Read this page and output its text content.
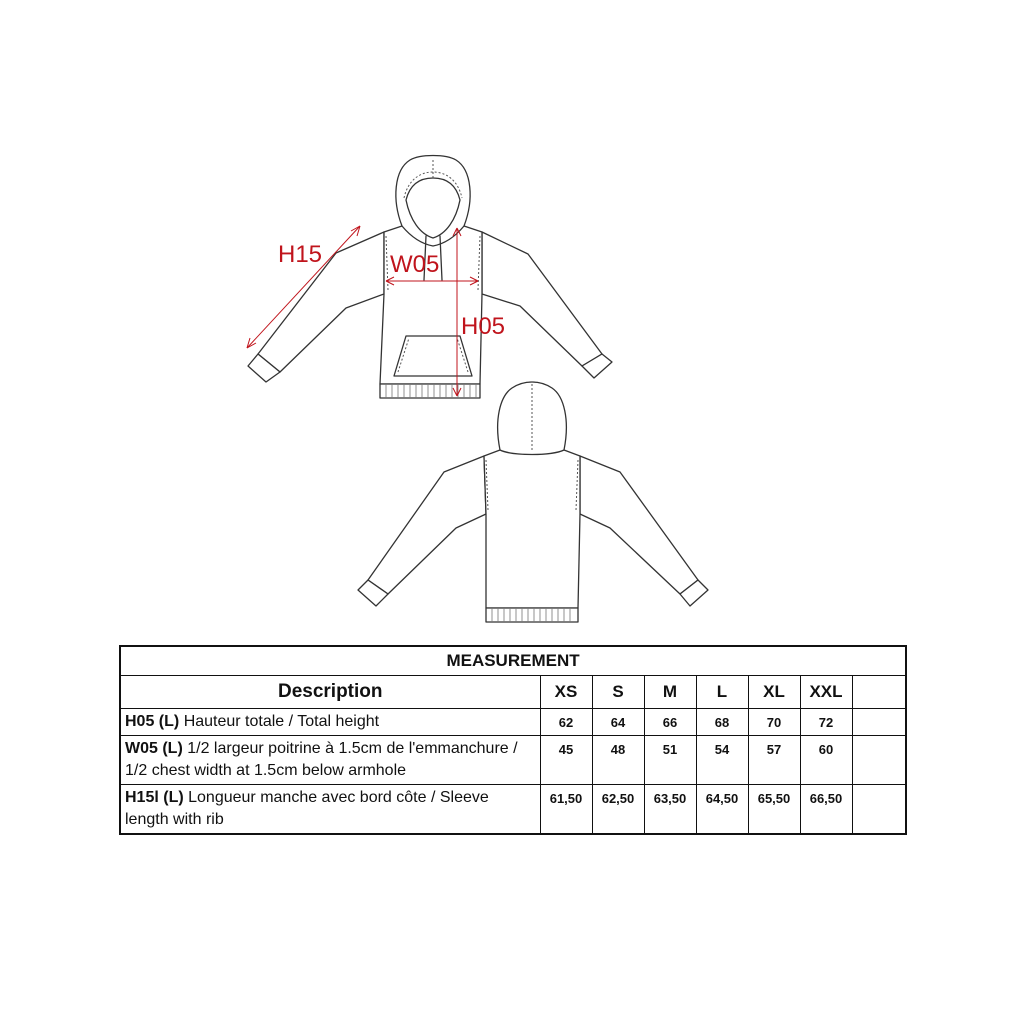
H15	W05
H05
MEASUREMENT							
Description	XS	S	M	L	XL	XXL	
H05 (L) Hauteur totale / Total height	62	64	66	68	70	72	
W05 (L) 1/2 largeur poitrine à 1.5cm de l'emmanchure / 1/2 chest width at 1.5cm below armhole	45	48	51	54	57	60	
H15l (L) Longueur manche avec bord côte / Sleeve length with rib	61,50	62,50	63,50	64,50	65,50	66,50	
